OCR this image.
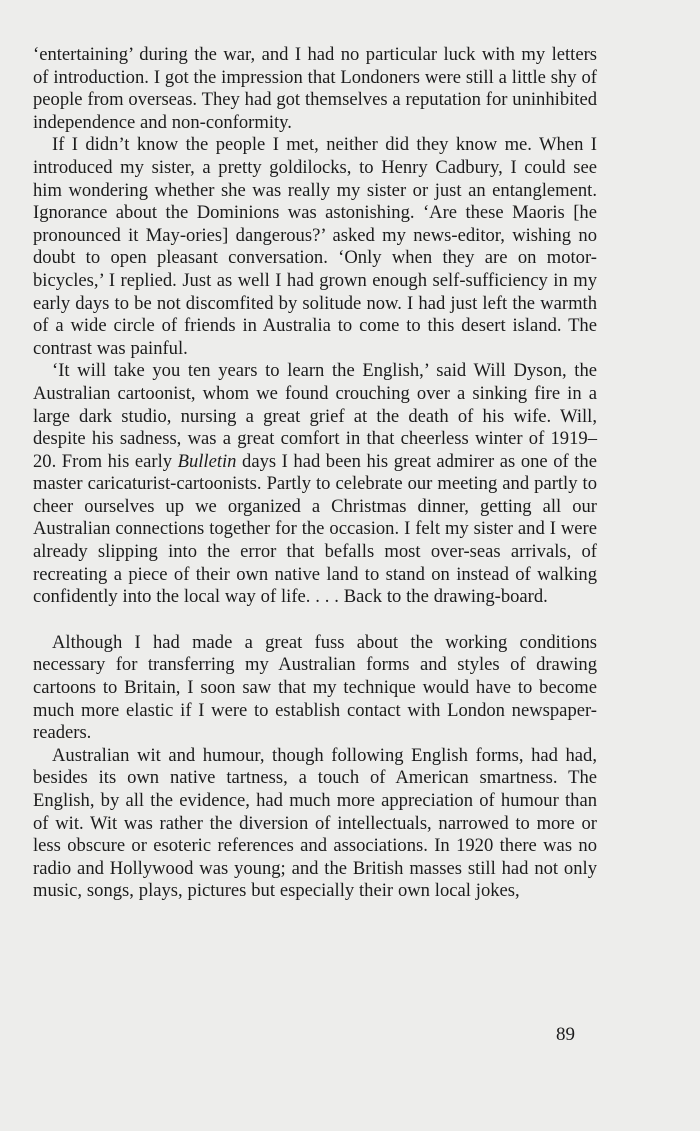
‘entertaining’ during the war, and I had no particular luck with my letters of introduction. I got the impression that Londoners were still a little shy of people from overseas. They had got themselves a reputation for uninhibited independence and non-conformity.

If I didn’t know the people I met, neither did they know me. When I introduced my sister, a pretty goldilocks, to Henry Cadbury, I could see him wondering whether she was really my sister or just an entanglement. Ignorance about the Dominions was astonishing. ‘Are these Maoris [he pronounced it May-ories] dangerous?’ asked my news-editor, wishing no doubt to open pleasant conversation. ‘Only when they are on motor-bicycles,’ I replied. Just as well I had grown enough self-sufficiency in my early days to be not discomfited by solitude now. I had just left the warmth of a wide circle of friends in Australia to come to this desert island. The contrast was painful.

‘It will take you ten years to learn the English,’ said Will Dyson, the Australian cartoonist, whom we found crouching over a sinking fire in a large dark studio, nursing a great grief at the death of his wife. Will, despite his sadness, was a great comfort in that cheerless winter of 1919–20. From his early Bulletin days I had been his great admirer as one of the master caricaturist-cartoonists. Partly to celebrate our meeting and partly to cheer ourselves up we organized a Christmas dinner, getting all our Australian connections together for the occasion. I felt my sister and I were already slipping into the error that befalls most over-seas arrivals, of recreating a piece of their own native land to stand on instead of walking confidently into the local way of life. . . . Back to the drawing-board.

Although I had made a great fuss about the working conditions necessary for transferring my Australian forms and styles of drawing cartoons to Britain, I soon saw that my technique would have to become much more elastic if I were to establish contact with London newspaper-readers.

Australian wit and humour, though following English forms, had had, besides its own native tartness, a touch of American smartness. The English, by all the evidence, had much more appreciation of humour than of wit. Wit was rather the diversion of intellectuals, narrowed to more or less obscure or esoteric references and associations. In 1920 there was no radio and Hollywood was young; and the British masses still had not only music, songs, plays, pictures but especially their own local jokes,

89
